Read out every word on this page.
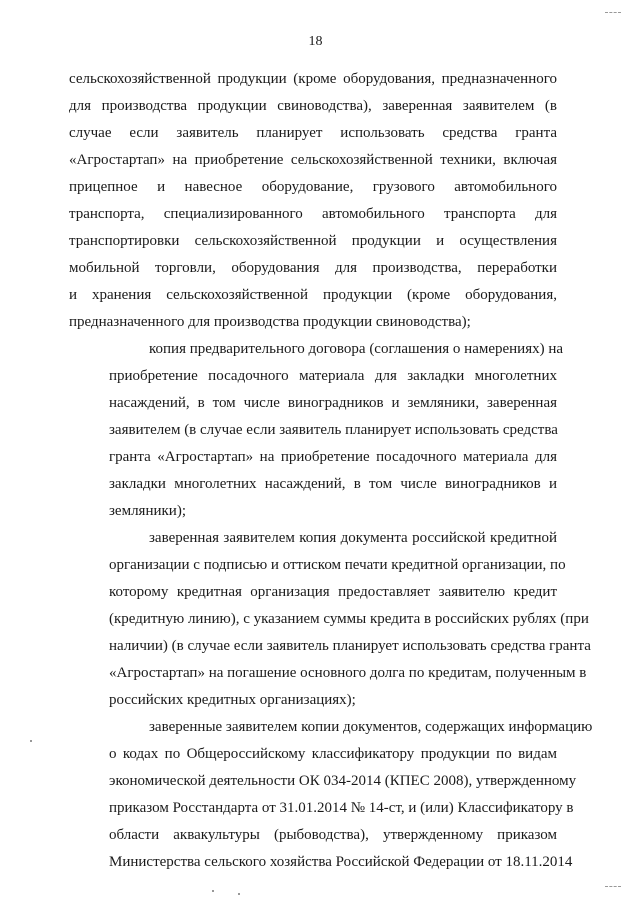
18
сельскохозяйственной продукции (кроме оборудования, предназначенного
для производства продукции свиноводства), заверенная заявителем (в
случае если заявитель планирует использовать средства гранта
«Агростартап» на приобретение сельскохозяйственной техники, включая
прицепное и навесное оборудование, грузового автомобильного
транспорта, специализированного автомобильного транспорта для
транспортировки сельскохозяйственной продукции и осуществления
мобильной торговли, оборудования для производства, переработки
и хранения сельскохозяйственной продукции (кроме оборудования,
предназначенного для производства продукции свиноводства);
копия предварительного договора (соглашения о намерениях) на
приобретение посадочного материала для закладки многолетних
насаждений, в том числе виноградников и земляники, заверенная
заявителем (в случае если заявитель планирует использовать средства
гранта «Агростартап» на приобретение посадочного материала для
закладки многолетних насаждений, в том числе виноградников и
земляники);
заверенная заявителем копия документа российской кредитной
организации с подписью и оттиском печати кредитной организации, по
которому кредитная организация предоставляет заявителю кредит
(кредитную линию), с указанием суммы кредита в российских рублях (при
наличии) (в случае если заявитель планирует использовать средства гранта
«Агростартап» на погашение основного долга по кредитам, полученным в
российских кредитных организациях);
заверенные заявителем копии документов, содержащих информацию
о кодах по Общероссийскому классификатору продукции по видам
экономической деятельности ОК 034-2014 (КПЕС 2008), утвержденному
приказом Росстандарта от 31.01.2014 № 14-ст, и (или) Классификатору в
области аквакультуры (рыбоводства), утвержденному приказом
Министерства сельского хозяйства Российской Федерации от 18.11.2014
